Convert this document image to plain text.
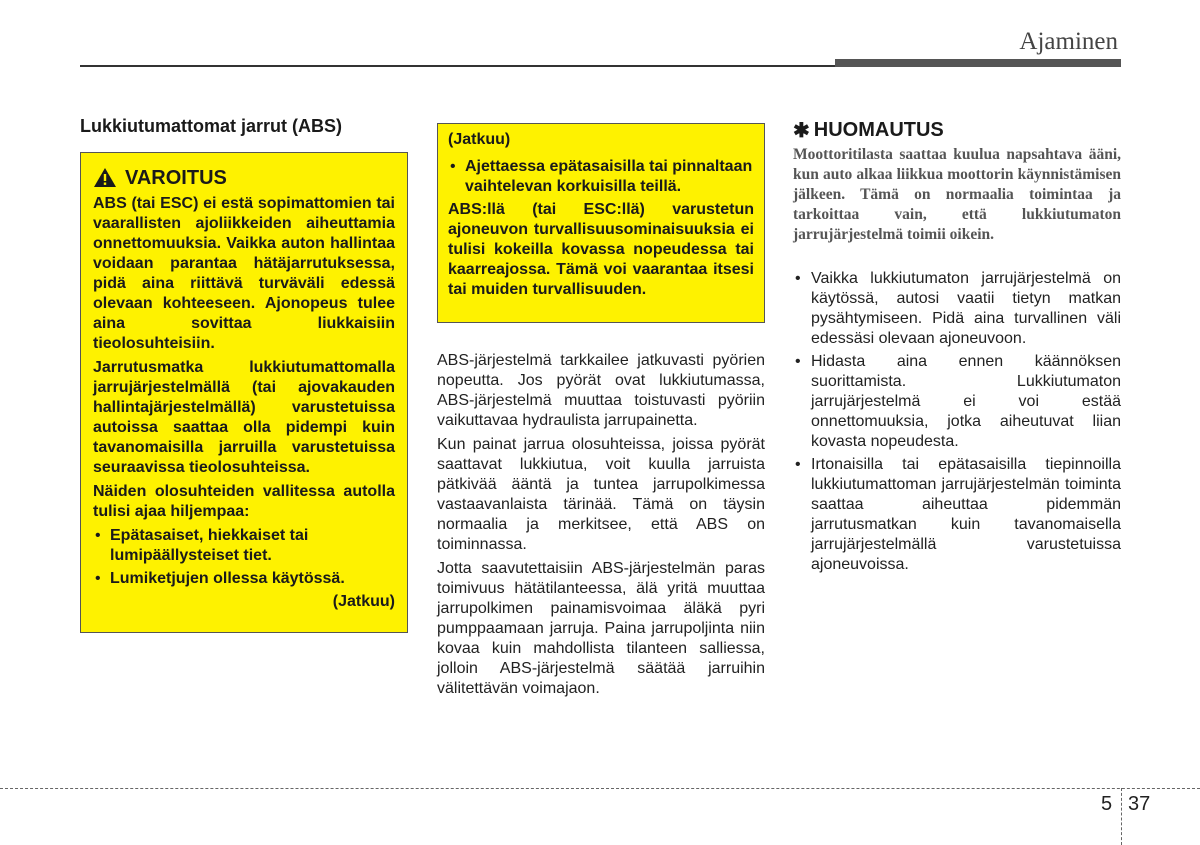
Ajaminen
Lukkiutumattomat jarrut (ABS)
VAROITUS

ABS (tai ESC) ei estä sopimattomien tai vaarallisten ajoliikkeiden aiheuttamia onnettomuuksia. Vaikka auton hallintaa voidaan parantaa hätäjarrutuksessa, pidä aina riittävä turväväli edessä olevaan kohteeseen. Ajonopeus tulee aina sovittaa liukkaisiin tieolosuhteisiin.

Jarrutusmatka lukkiutumattomalla jarrujärjestelmällä (tai ajovakauden hallintajärjestelmällä) varustetuissa autoissa saattaa olla pidempi kuin tavanomaisilla jarruilla varustetuissa seuraavissa tieolosuhteissa.

Näiden olosuhteiden vallitessa autolla tulisi ajaa hiljempaa:

• Epätasaiset, hiekkaiset tai lumipäällysteiset tiet.
• Lumiketjujen ollessa käytössä.
(Jatkuu)
(Jatkuu)
• Ajettaessa epätasaisilla tai pinnaltaan vaihtelevan korkuisilla teillä.

ABS:llä (tai ESC:llä) varustetun ajoneuvon turvallisuusominaisuuksia ei tulisi kokeilla kovassa nopeudessa tai kaarreajossa. Tämä voi vaarantaa itsesi tai muiden turvallisuuden.

ABS-järjestelmä tarkkailee jatkuvasti pyörien nopeutta. Jos pyörät ovat lukkiutumassa, ABS-järjestelmä muuttaa toistuvasti pyöriin vaikuttavaa hydraulista jarrupainetta.

Kun painat jarrua olosuhteissa, joissa pyörät saattavat lukkiutua, voit kuulla jarruista pätkivää ääntä ja tuntea jarrupolkimessa vastaavanlaista tärinää. Tämä on täysin normaalia ja merkitsee, että ABS on toiminnassa.

Jotta saavutettaisiin ABS-järjestelmän paras toimivuus hätätilanteessa, älä yritä muuttaa jarrupolkimen painamisvoimaa äläkä pyri pumppaamaan jarruja. Paina jarrupoljinta niin kovaa kuin mahdollista tilanteen salliessa, jolloin ABS-järjestelmä säätää jarruihin välitettävän voimajaon.

✱ HUOMAUTUS
Moottoritilasta saattaa kuulua napsahtava ääni, kun auto alkaa liikkua moottorin käynnistämisen jälkeen. Tämä on normaalia toimintaa ja tarkoittaa vain, että lukkiutumaton jarrujärjestelmä toimii oikein.
• Vaikka lukkiutumaton jarrujärjestelmä on käytössä, autosi vaatii tietyn matkan pysähtymiseen. Pidä aina turvallinen väli edessäsi olevaan ajoneuvoon.
• Hidasta aina ennen käännöksen suorittamista. Lukkiutumaton jarrujärjestelmä ei voi estää onnettomuuksia, jotka aiheutuvat liian kovasta nopeudesta.
• Irtonaisilla tai epätasaisilla tiepinnoilla lukkiutumattoman jarrujärjestelmän toiminta saattaa aiheuttaa pidemmän jarrutusmatkan kuin tavanomaisella jarrujärjestelmällä varustetuissa ajoneuvoissa.
5 37
